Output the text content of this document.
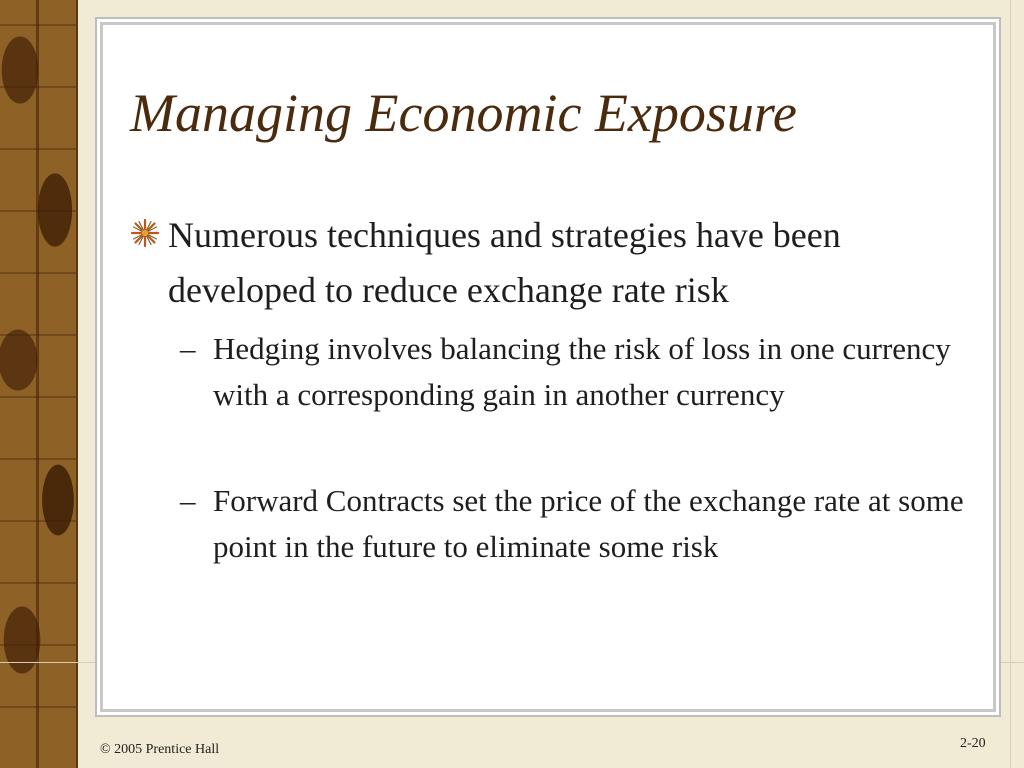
Managing Economic Exposure
Numerous techniques and strategies have been developed to reduce exchange rate risk
– Hedging involves balancing the risk of loss in one currency with a corresponding gain in another currency
– Forward Contracts set the price of the exchange rate at some point in the future to eliminate some risk
© 2005 Prentice Hall	2-20
